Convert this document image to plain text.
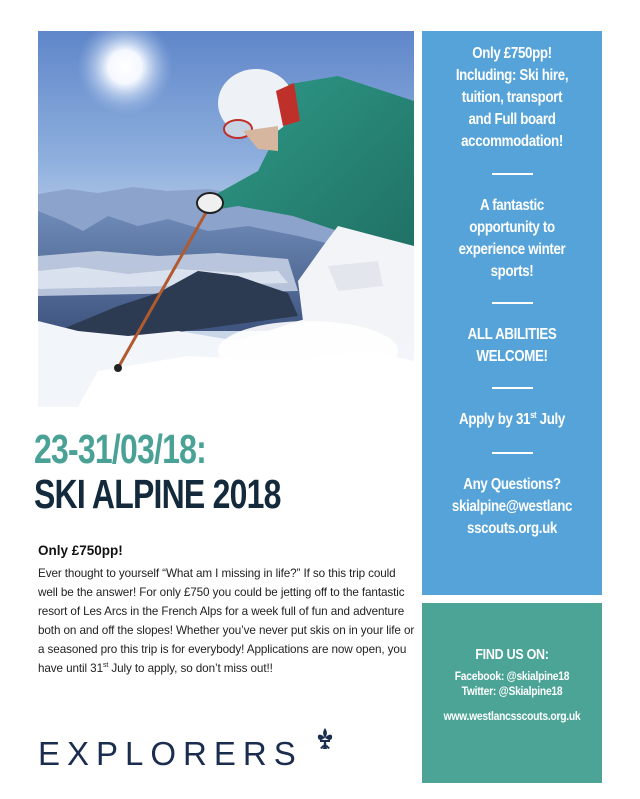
Only £750pp!
Including: Ski hire,
tuition, transport
and Full board
accommodation!
A fantastic
opportunity to
experience winter
sports!
ALL ABILITIES
WELCOME!
Apply by 31st July
Any Questions?
skialpine@westlanc
sscouts.org.uk
FIND US ON:
Facebook: @skialpine18
Twitter: @Skialpine18
www.westlancsscouts.org.uk
23-31/03/18:
SKI ALPINE 2018
Only £750pp!
Ever thought to yourself “What am I missing in life?” If so this trip could well be the answer! For only £750 you could be jetting off to the fantastic resort of Les Arcs in the French Alps for a week full of fun and adventure both on and off the slopes! Whether you’ve never put skis on in your life or a seasoned pro this trip is for everybody! Applications are now open, you have until 31st July to apply, so don’t miss out!!
EXPLORERS
